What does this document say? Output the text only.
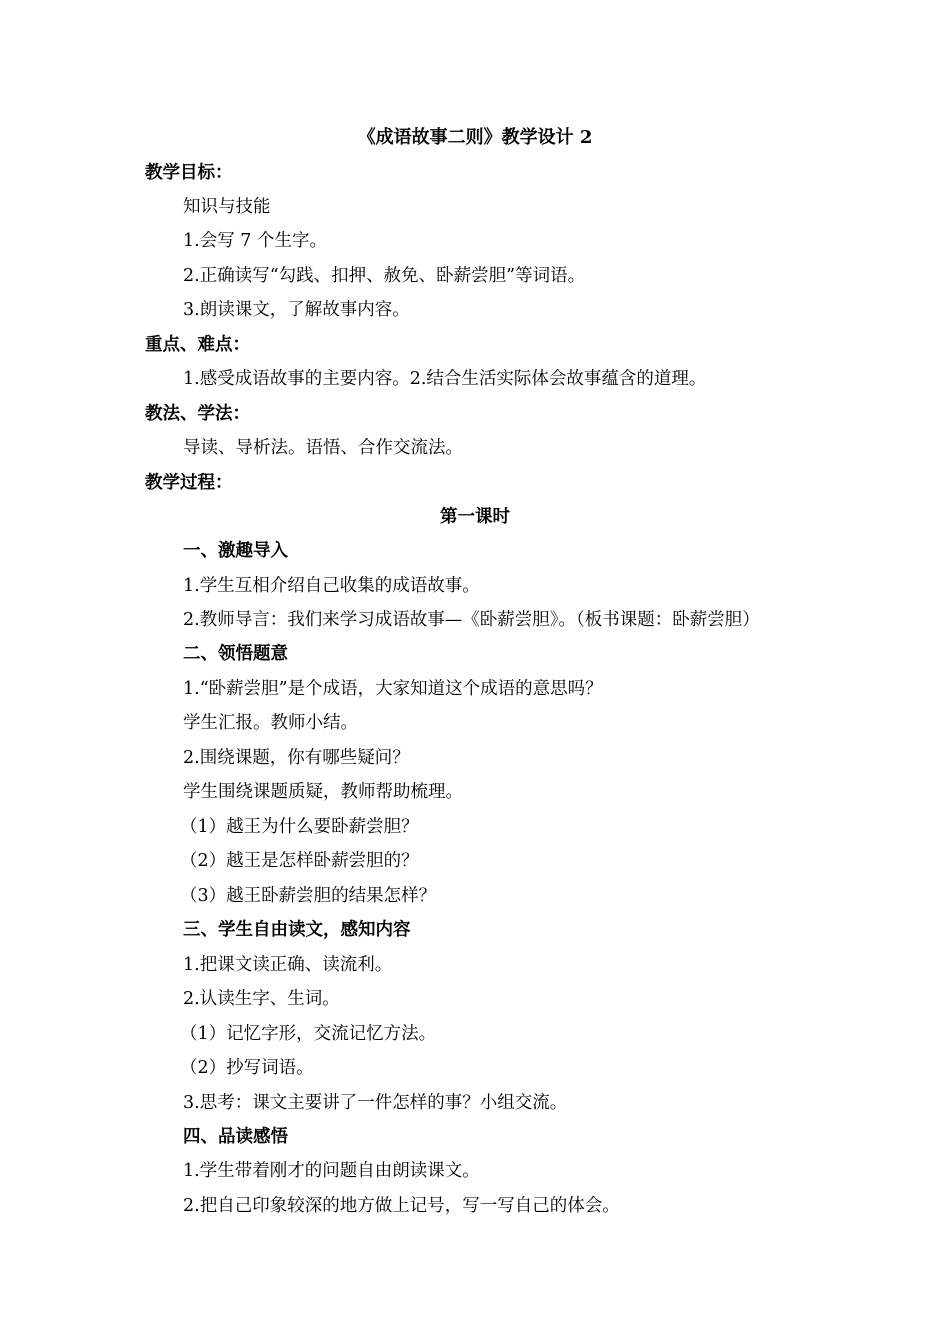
《成语故事二则》教学设计 2
教学目标：
知识与技能
1.会写 7 个生字。
2.正确读写“勾践、扣押、赦免、卧薪尝胆”等词语。
3.朗读课文，了解故事内容。
重点、难点：
1.感受成语故事的主要内容。2.结合生活实际体会故事蕴含的道理。
教法、学法：
导读、导析法。语悟、合作交流法。
教学过程：
第一课时
一、激趣导入
1.学生互相介绍自己收集的成语故事。
2.教师导言：我们来学习成语故事—《卧薪尝胆》。（板书课题：卧薪尝胆）
二、领悟题意
1.“卧薪尝胆”是个成语，大家知道这个成语的意思吗？
学生汇报。教师小结。
2.围绕课题，你有哪些疑问？
学生围绕课题质疑，教师帮助梳理。
（1）越王为什么要卧薪尝胆？
（2）越王是怎样卧薪尝胆的？
（3）越王卧薪尝胆的结果怎样？
三、学生自由读文，感知内容
1.把课文读正确、读流利。
2.认读生字、生词。
（1）记忆字形，交流记忆方法。
（2）抄写词语。
3.思考：课文主要讲了一件怎样的事？小组交流。
四、品读感悟
1.学生带着刚才的问题自由朗读课文。
2.把自己印象较深的地方做上记号，写一写自己的体会。
